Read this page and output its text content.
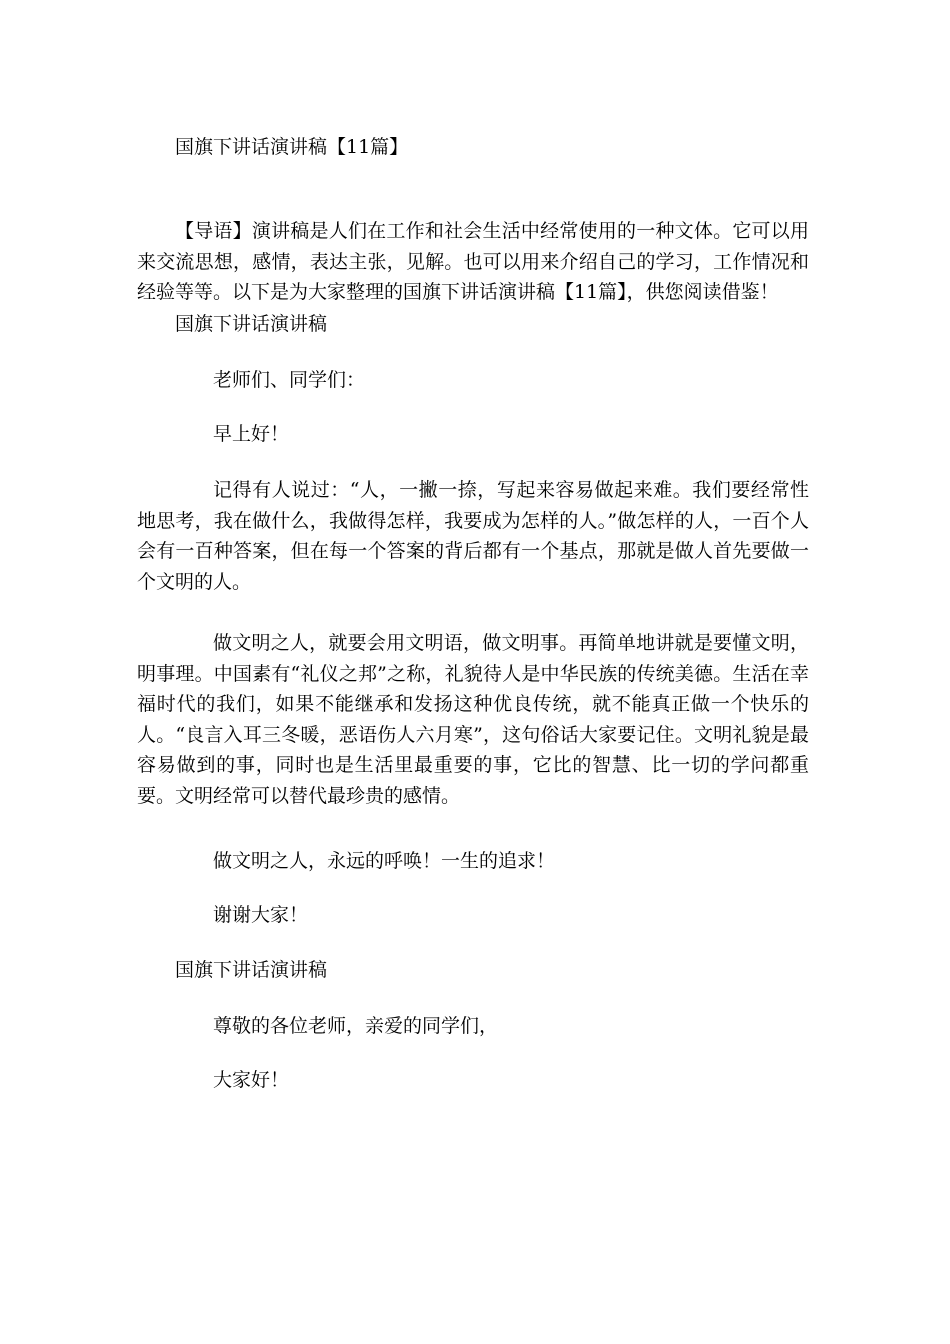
国旗下讲话演讲稿【11篇】

【导语】演讲稿是人们在工作和社会生活中经常使用的一种文体。它可以用来交流思想，感情，表达主张，见解。也可以用来介绍自己的学习，工作情况和经验等等。以下是为大家整理的国旗下讲话演讲稿【11篇】，供您阅读借鉴！

国旗下讲话演讲稿

老师们、同学们：

早上好！

记得有人说过：“人，一撇一捺，写起来容易做起来难。我们要经常性地思考，我在做什么，我做得怎样，我要成为怎样的人。”做怎样的人，一百个人会有一百种答案，但在每一个答案的背后都有一个基点，那就是做人首先要做一个文明的人。

做文明之人，就要会用文明语，做文明事。再简单地讲就是要懂文明，明事理。中国素有“礼仪之邦”之称，礼貌待人是中华民族的传统美德。生活在幸福时代的我们，如果不能继承和发扬这种优良传统，就不能真正做一个快乐的人。“良言入耳三冬暖，恶语伤人六月寒”，这句俗话大家要记住。文明礼貌是最容易做到的事，同时也是生活里最重要的事，它比的智慧、比一切的学问都重要。文明经常可以替代最珍贵的感情。

做文明之人，永远的呼唤！一生的追求！

谢谢大家！

国旗下讲话演讲稿

尊敬的各位老师，亲爱的同学们，

大家好！
